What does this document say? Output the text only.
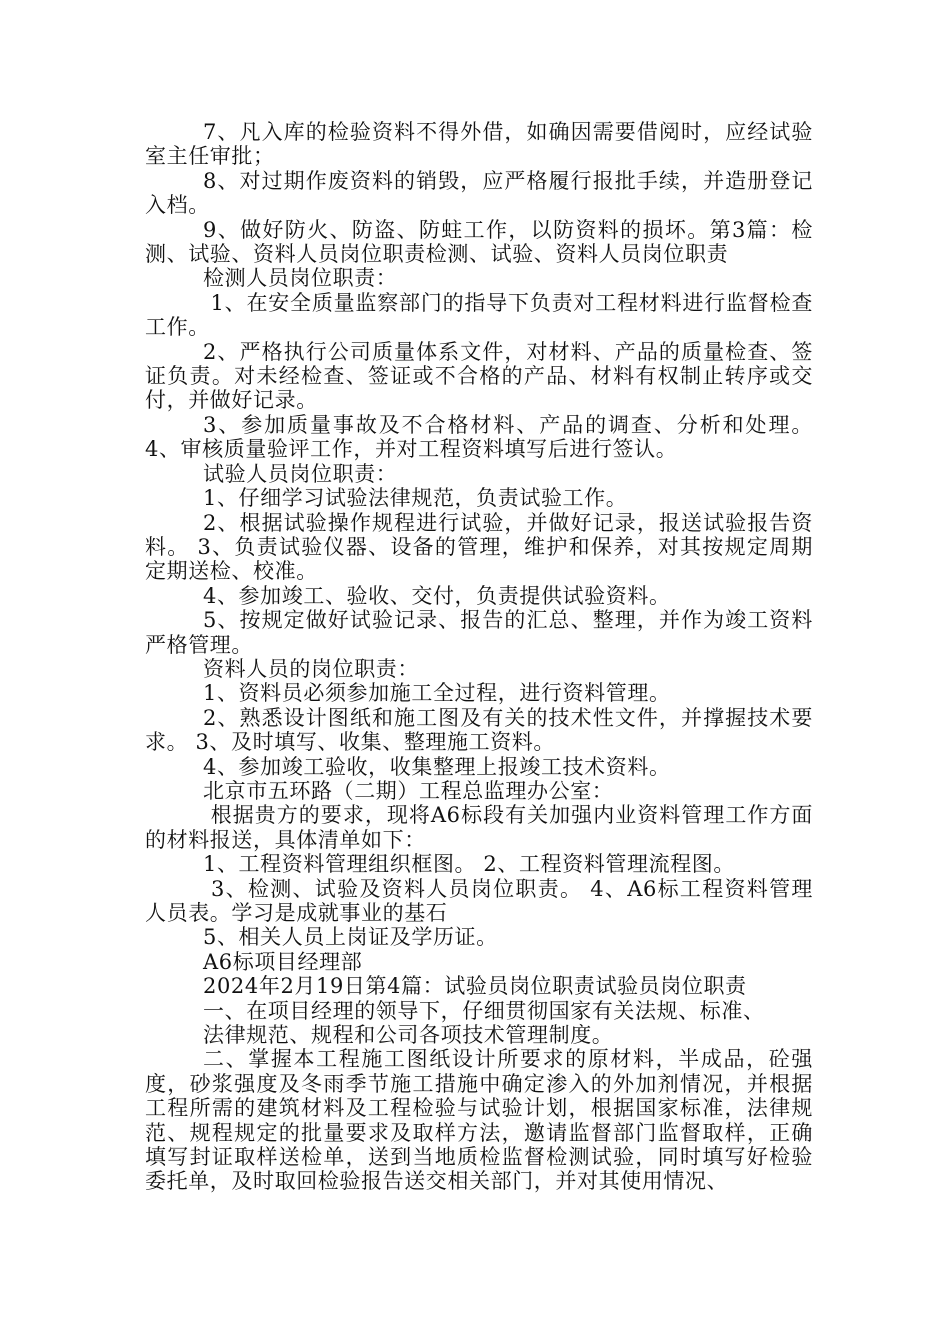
7、凡入库的检验资料不得外借，如确因需要借阅时，应经试验室主任审批；

8、对过期作废资料的销毁，应严格履行报批手续，并造册登记入档。

9、做好防火、防盗、防蛀工作，以防资料的损坏。第3篇：检测、试验、资料人员岗位职责检测、试验、资料人员岗位职责

检测人员岗位职责：

1、在安全质量监察部门的指导下负责对工程材料进行监督检查工作。

2、严格执行公司质量体系文件，对材料、产品的质量检查、签证负责。对未经检查、签证或不合格的产品、材料有权制止转序或交付，并做好记录。

3、参加质量事故及不合格材料、产品的调查、分析和处理。4、审核质量验评工作，并对工程资料填写后进行签认。

试验人员岗位职责：

1、仔细学习试验法律规范，负责试验工作。

2、根据试验操作规程进行试验，并做好记录，报送试验报告资料。 3、负责试验仪器、设备的管理，维护和保养，对其按规定周期定期送检、校准。

4、参加竣工、验收、交付，负责提供试验资料。

5、按规定做好试验记录、报告的汇总、整理，并作为竣工资料严格管理。

资料人员的岗位职责：

1、资料员必须参加施工全过程，进行资料管理。

2、熟悉设计图纸和施工图及有关的技术性文件，并撑握技术要求。 3、及时填写、收集、整理施工资料。

4、参加竣工验收，收集整理上报竣工技术资料。

北京市五环路（二期）工程总监理办公室：

根据贵方的要求，现将A6标段有关加强内业资料管理工作方面的材料报送，具体清单如下：

1、工程资料管理组织框图。 2、工程资料管理流程图。

3、检测、试验及资料人员岗位职责。 4、A6标工程资料管理人员表。学习是成就事业的基石

5、相关人员上岗证及学历证。

A6标项目经理部

2024年2月19日第4篇：试验员岗位职责试验员岗位职责

一、在项目经理的领导下，仔细贯彻国家有关法规、标准、

法律规范、规程和公司各项技术管理制度。

二、掌握本工程施工图纸设计所要求的原材料，半成品，砼强度，砂浆强度及冬雨季节施工措施中确定渗入的外加剂情况，并根据工程所需的建筑材料及工程检验与试验计划，根据国家标准，法律规范、规程规定的批量要求及取样方法，邀请监督部门监督取样，正确填写封证取样送检单，送到当地质检监督检测试验，同时填写好检验委托单，及时取回检验报告送交相关部门，并对其使用情况、
